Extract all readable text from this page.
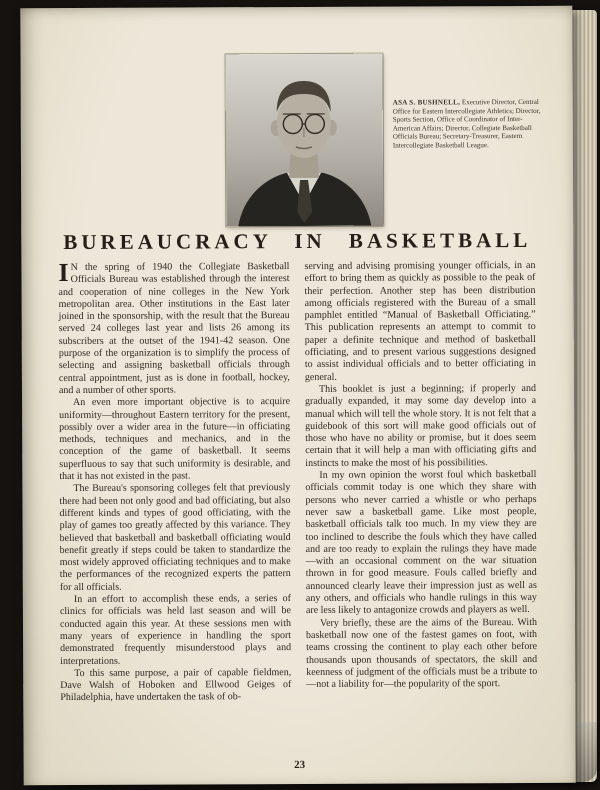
ASA S. BUSHNELL, Executive Director, Central Office for Eastern Intercollegiate Athletics; Director, Sports Section, Office of Coordinator of Inter-American Affairs; Director, Collegiate Basketball Officials Bureau; Secretary-Treasurer, Eastern Intercollegiate Basketball League.
BUREAUCRACY IN BASKETBALL

I N the spring of 1940 the Collegiate Basketball Officials Bureau was established through the interest and cooperation of nine colleges in the New York metropolitan area. Other institutions in the East later joined in the sponsorship, with the result that the Bureau served 24 colleges last year and lists 26 among its subscribers at the outset of the 1941-42 season. One purpose of the organization is to simplify the process of selecting and assigning basketball officials through central appointment, just as is done in football, hockey, and a number of other sports.

An even more important objective is to acquire uniformity—throughout Eastern territory for the present, possibly over a wider area in the future—in officiating methods, techniques and mechanics, and in the conception of the game of basketball. It seems superfluous to say that such uniformity is desirable, and that it has not existed in the past.

The Bureau's sponsoring colleges felt that previously there had been not only good and bad officiating, but also different kinds and types of good officiating, with the play of games too greatly affected by this variance. They believed that basketball and basketball officiating would benefit greatly if steps could be taken to standardize the most widely approved officiating techniques and to make the performances of the recognized experts the pattern for all officials.

In an effort to accomplish these ends, a series of clinics for officials was held last season and will be conducted again this year. At these sessions men with many years of experience in handling the sport demonstrated frequently misunderstood plays and interpretations.

To this same purpose, a pair of capable fieldmen, Dave Walsh of Hoboken and Ellwood Geiges of Philadelphia, have undertaken the task of ob-

serving and advising promising younger officials, in an effort to bring them as quickly as possible to the peak of their perfection. Another step has been distribution among officials registered with the Bureau of a small pamphlet entitled “Manual of Basketball Officiating.” This publication represents an attempt to commit to paper a definite technique and method of basketball officiating, and to present various suggestions designed to assist individual officials and to better officiating in general.

This booklet is just a beginning; if properly and gradually expanded, it may some day develop into a manual which will tell the whole story. It is not felt that a guidebook of this sort will make good officials out of those who have no ability or promise, but it does seem certain that it will help a man with officiating gifts and instincts to make the most of his possibilities.

In my own opinion the worst foul which basketball officials commit today is one which they share with persons who never carried a whistle or who perhaps never saw a basketball game. Like most people, basketball officials talk too much. In my view they are too inclined to describe the fouls which they have called and are too ready to explain the rulings they have made—with an occasional comment on the war situation thrown in for good measure. Fouls called briefly and announced clearly leave their impression just as well as any others, and officials who handle rulings in this way are less likely to antagonize crowds and players as well.

Very briefly, these are the aims of the Bureau. With basketball now one of the fastest games on foot, with teams crossing the continent to play each other before thousands upon thousands of spectators, the skill and keenness of judgment of the officials must be a tribute to—not a liability for—the popularity of the sport.

23
